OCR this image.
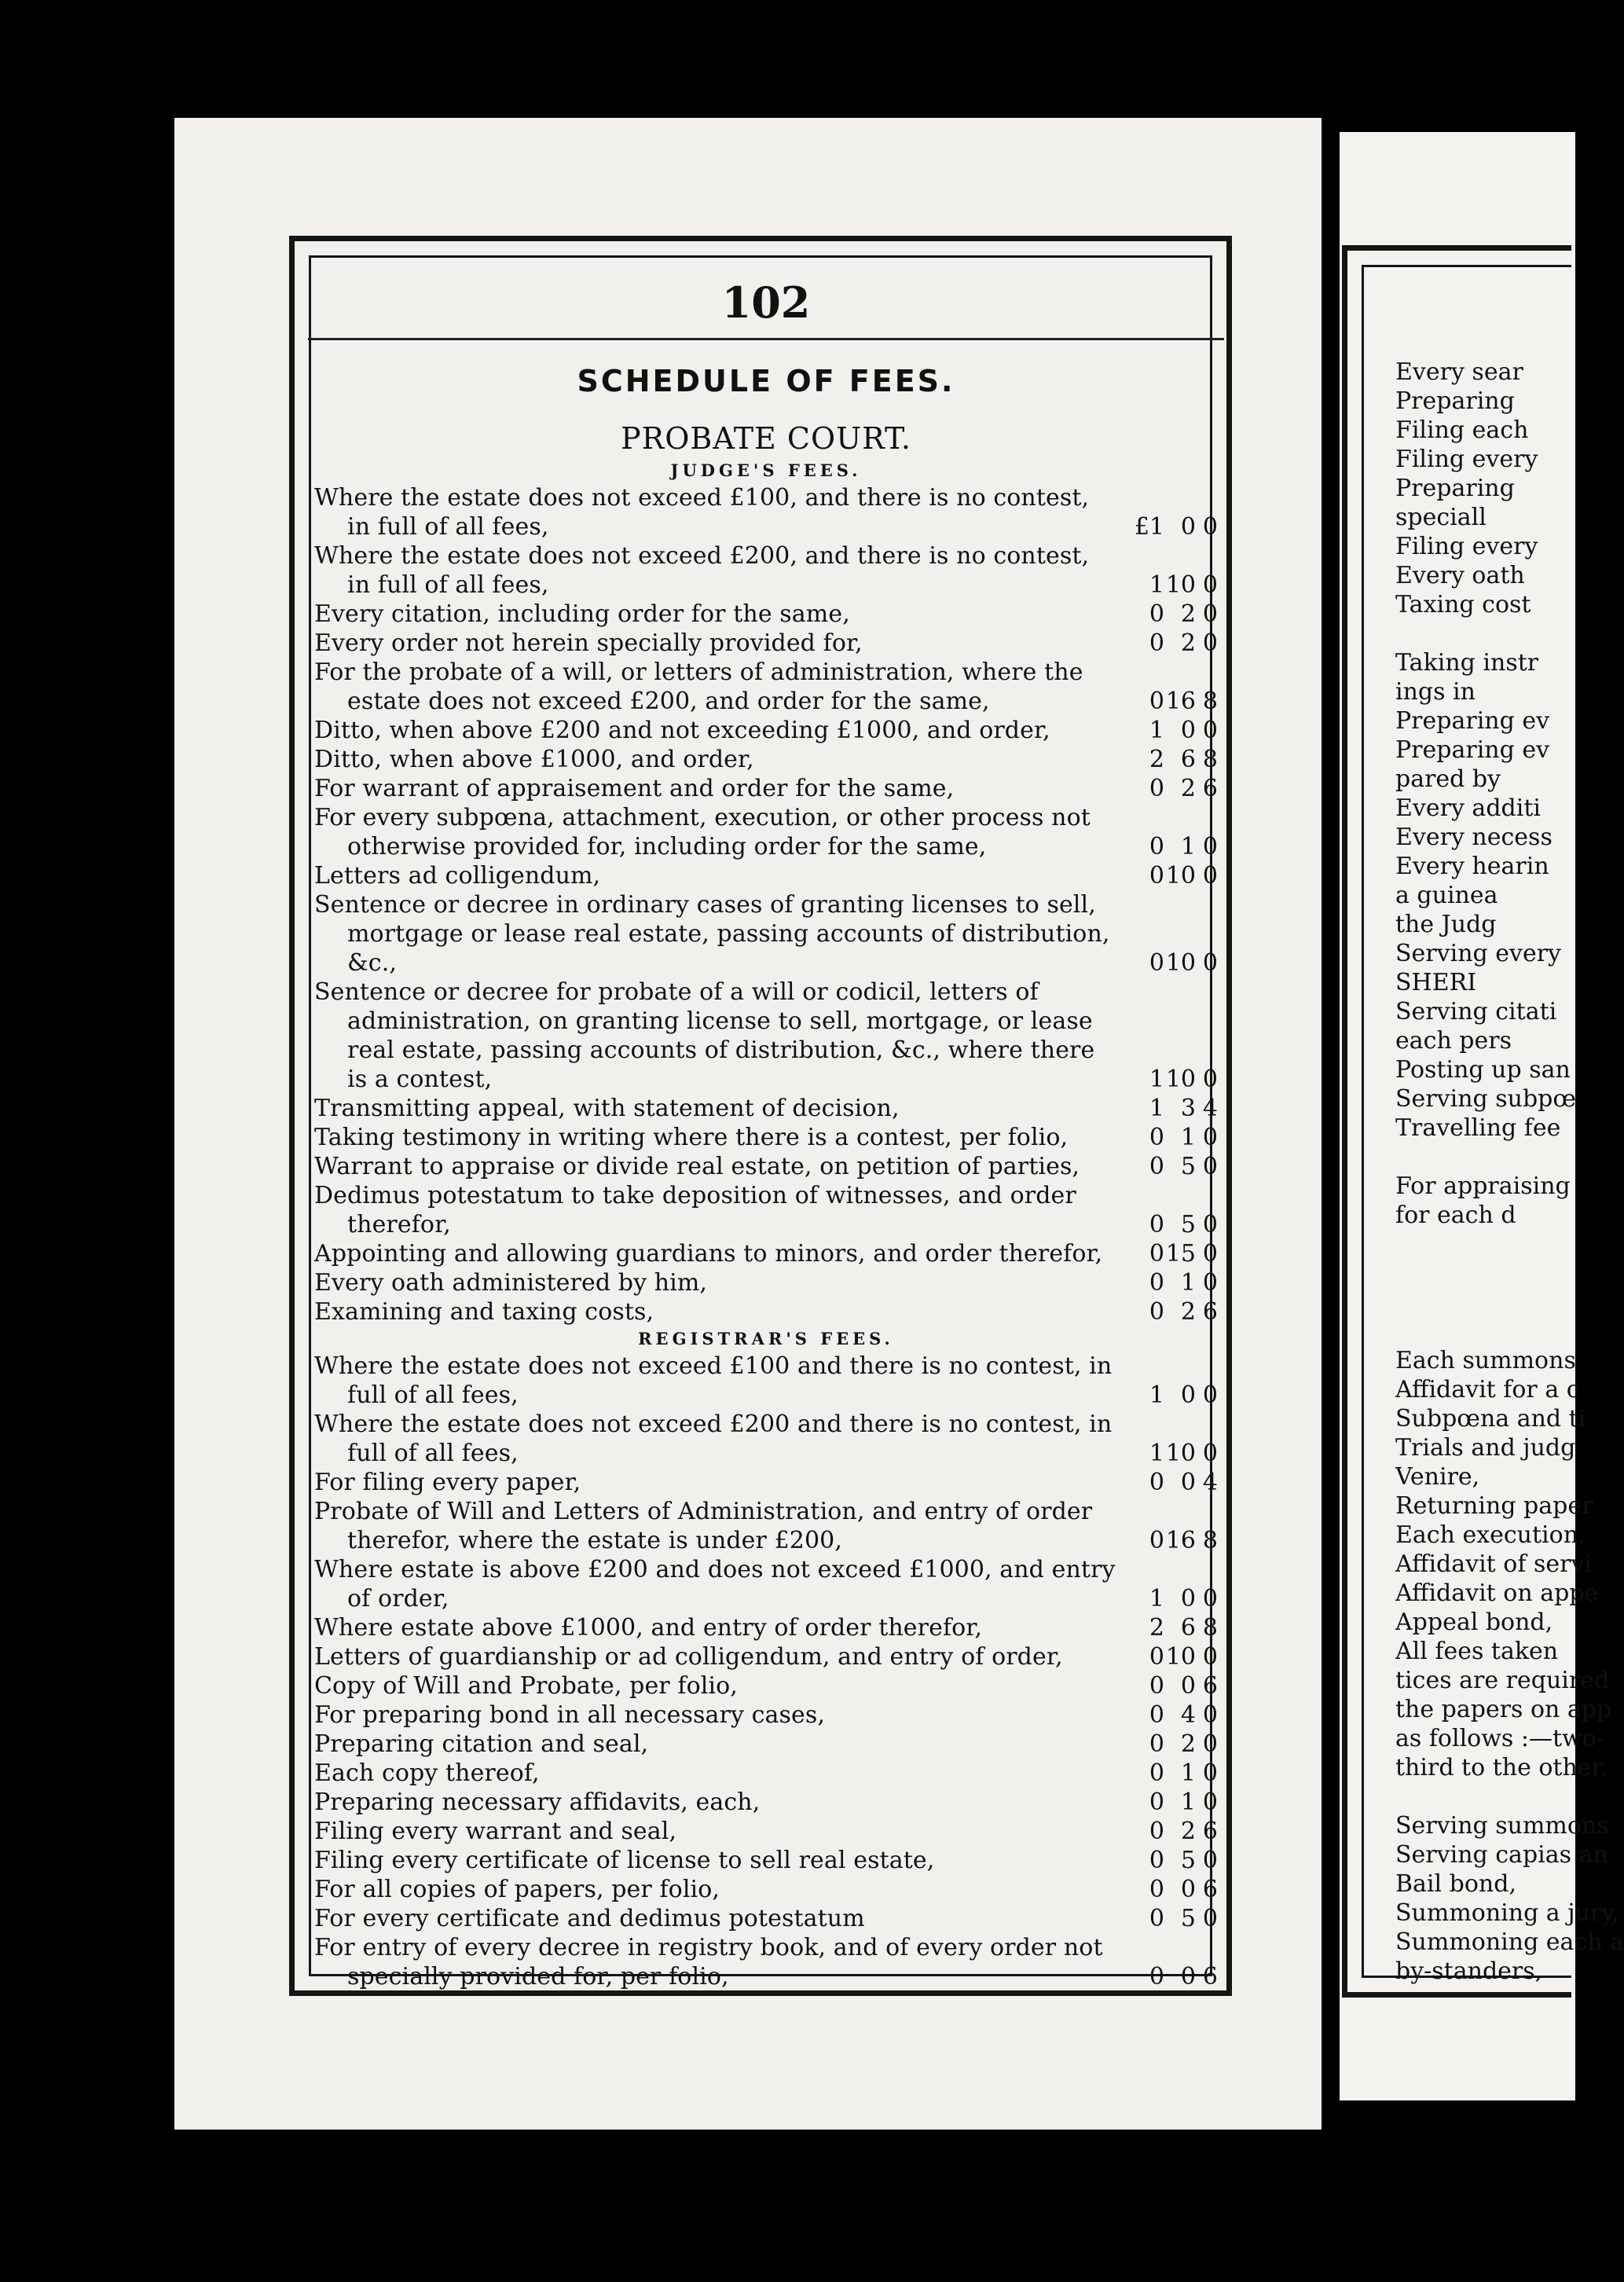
102
SCHEDULE OF FEES.
PROBATE COURT.
JUDGE'S FEES.
Where the estate does not exceed £100, and there is no contest, in full of all fees,	£1 0 0
Where the estate does not exceed £200, and there is no contest, in full of all fees,	1 10 0
Every citation, including order for the same,	0 2 0
Every order not herein specially provided for,	0 2 0
For the probate of a will, or letters of administration, where the estate does not exceed £200, and order for the same,	0 16 8
Ditto, when above £200 and not exceeding £1000, and order,	1 0 0
Ditto, when above £1000, and order,	2 6 8
For warrant of appraisement and order for the same,	0 2 6
For every subpœna, attachment, execution, or other process not otherwise provided for, including order for the same,	0 1 0
Letters ad colligendum,	0 10 0
Sentence or decree in ordinary cases of granting licenses to sell, mortgage or lease real estate, passing accounts of distribution, &c.,	0 10 0
Sentence or decree for probate of a will or codicil, letters of administration, on granting license to sell, mortgage, or lease real estate, passing accounts of distribution, &c., where there is a contest,	1 10 0
Transmitting appeal, with statement of decision,	1 3 4
Taking testimony in writing where there is a contest, per folio,	0 1 0
Warrant to appraise or divide real estate, on petition of parties,	0 5 0
Dedimus potestatum to take deposition of witnesses, and order therefor,	0 5 0
Appointing and allowing guardians to minors, and order therefor,	0 15 0
Every oath administered by him,	0 1 0
Examining and taxing costs,	0 2 6
REGISTRAR'S FEES.
Where the estate does not exceed £100 and there is no contest, in full of all fees,	1 0 0
Where the estate does not exceed £200 and there is no contest, in full of all fees,	1 10 0
For filing every paper,	0 0 4
Probate of Will and Letters of Administration, and entry of order therefor, where the estate is under £200,	0 16 8
Where estate is above £200 and does not exceed £1000, and entry of order,	1 0 0
Where estate above £1000, and entry of order therefor,	2 6 8
Letters of guardianship or ad colligendum, and entry of order,	0 10 0
Copy of Will and Probate, per folio,	0 0 6
For preparing bond in all necessary cases,	0 4 0
Preparing citation and seal,	0 2 0
Each copy thereof,	0 1 0
Preparing necessary affidavits, each,	0 1 0
Filing every warrant and seal,	0 2 6
Filing every certificate of license to sell real estate,	0 5 0
For all copies of papers, per folio,	0 0 6
For every certificate and dedimus potestatum	0 5 0
For entry of every decree in registry book, and of every order not specially provided for, per folio,	0 0 6
Every sear
Preparing
Filing each
Filing every
Preparing
speciall
Filing every
Every oath
Taxing cost
Taking instr
ings in
Preparing ev
Preparing ev
pared by
Every additi
Every necess
Every hearin
a guinea
the Judg
Serving every
SHERI
Serving citati
each pers
Posting up san
Serving subpœ
Travelling fee
For appraising
for each d
Each summons
Affidavit for a c
Subpœna and ti
Trials and judg
Venire,
Returning paper
Each execution,
Affidavit of servi
Affidavit on appe
Appeal bond,
All fees taken
tices are required
the papers on app
as follows :—two-
third to the other.
Serving summons
Serving capias an
Bail bond,
Summoning a jury,
Summoning each a
by-standers,
